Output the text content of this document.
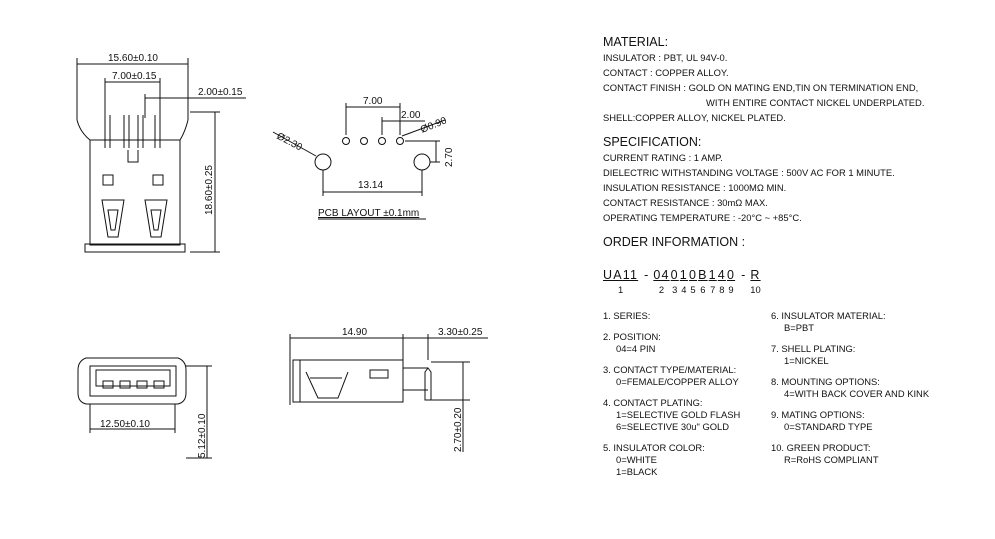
15.60±0.10
7.00±0.15
2.00±0.15
18.60±0.25
7.00
2.00
Ø0.90
Ø2.30
2.70
13.14
PCB LAYOUT ±0.1mm
12.50±0.10	5.12±0.10
14.90	3.30±0.25
2.70±0.20

MATERIAL:

INSULATOR : PBT, UL 94V-0.

CONTACT : COPPER ALLOY.

CONTACT FINISH : GOLD ON MATING END,TIN ON TERMINATION END,

WITH ENTIRE CONTACT NICKEL UNDERPLATED.

SHELL:COPPER ALLOY, NICKEL PLATED.

SPECIFICATION:

CURRENT RATING : 1 AMP.

DIELECTRIC WITHSTANDING VOLTAGE : 500V AC FOR 1 MINUTE.

INSULATION RESISTANCE : 1000MΩ MIN.

CONTACT RESISTANCE : 30mΩ MAX.

OPERATING TEMPERATURE : -20°C ~ +85°C.

ORDER INFORMATION :

UA11
1
- 04
2
0
3
1
4
0
5
B
6
1
7
4
8
0
9
- R
10
1. SERIES:
2. POSITION:
04=4 PIN
3. CONTACT TYPE/MATERIAL:
0=FEMALE/COPPER ALLOY
4. CONTACT PLATING:
1=SELECTIVE GOLD FLASH
6=SELECTIVE 30u" GOLD
5. INSULATOR COLOR:
0=WHITE
1=BLACK
6. INSULATOR MATERIAL:
B=PBT
7. SHELL PLATING:
1=NICKEL
8. MOUNTING OPTIONS:
4=WITH BACK COVER AND KINK
9. MATING OPTIONS:
0=STANDARD TYPE
10. GREEN PRODUCT:
R=RoHS COMPLIANT
